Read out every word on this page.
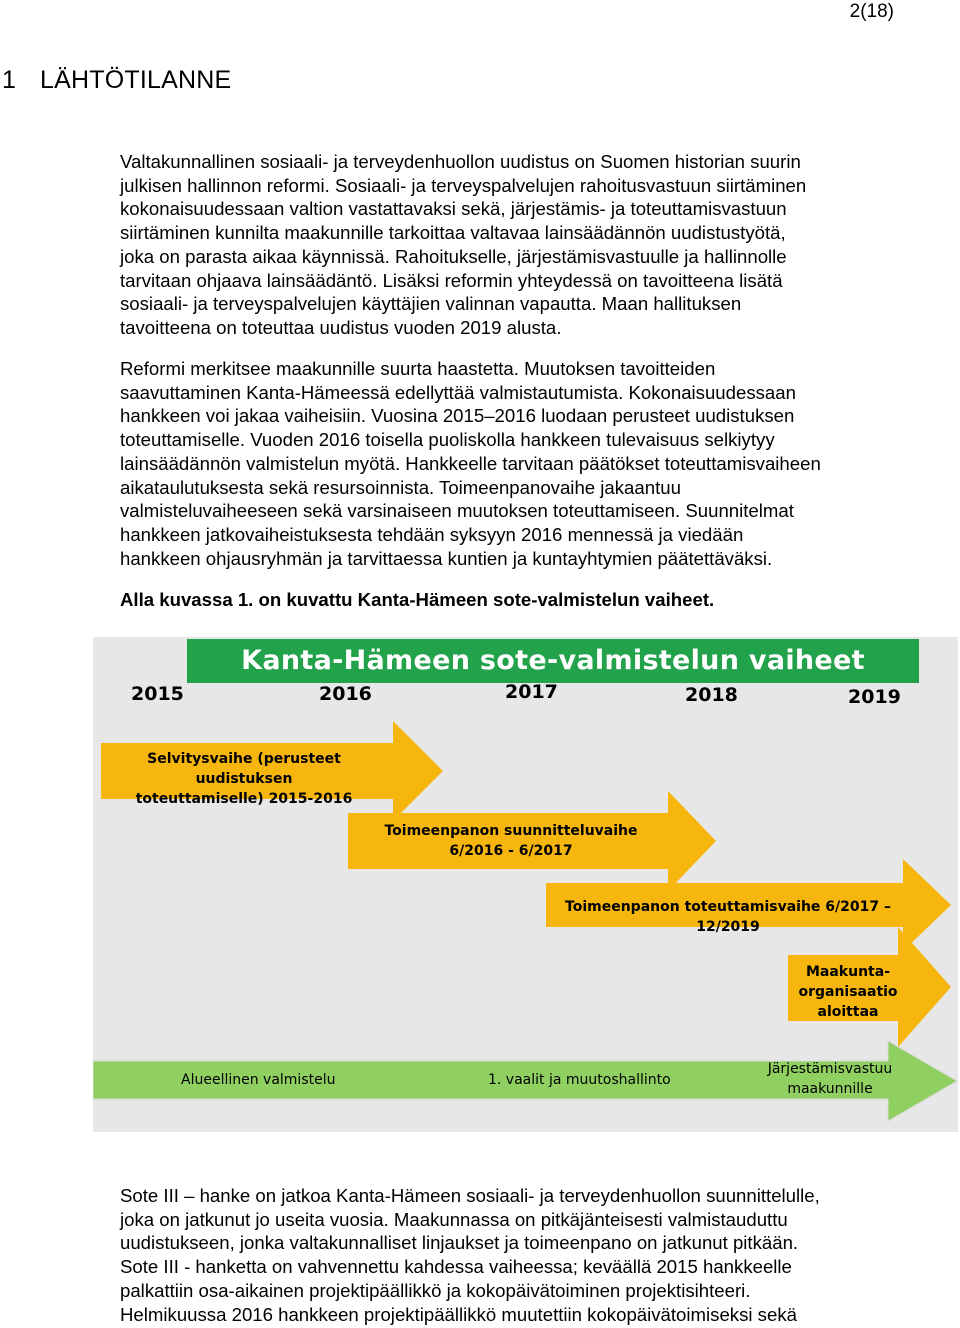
2(18)
1 LÄHTÖTILANNE
Valtakunnallinen sosiaali- ja terveydenhuollon uudistus on Suomen historian suurin
julkisen hallinnon reformi. Sosiaali- ja terveyspalvelujen rahoitusvastuun siirtäminen
kokonaisuudessaan valtion vastattavaksi sekä, järjestämis- ja toteuttamisvastuun
siirtäminen kunnilta maakunnille tarkoittaa valtavaa lainsäädännön uudistustyötä,
joka on parasta aikaa käynnissä. Rahoitukselle, järjestämisvastuulle ja hallinnolle
tarvitaan ohjaava lainsäädäntö. Lisäksi reformin yhteydessä on tavoitteena lisätä
sosiaali- ja terveyspalvelujen käyttäjien valinnan vapautta. Maan hallituksen
tavoitteena on toteuttaa uudistus vuoden 2019 alusta.
Reformi merkitsee maakunnille suurta haastetta. Muutoksen tavoitteiden
saavuttaminen Kanta-Hämeessä edellyttää valmistautumista. Kokonaisuudessaan
hankkeen voi jakaa vaiheisiin. Vuosina 2015–2016 luodaan perusteet uudistuksen
toteuttamiselle. Vuoden 2016 toisella puoliskolla hankkeen tulevaisuus selkiytyy
lainsäädännön valmistelun myötä. Hankkeelle tarvitaan päätökset toteuttamisvaiheen
aikataulutuksesta sekä resursoinnista. Toimeenpanovaihe jakaantuu
valmisteluvaiheeseen sekä varsinaiseen muutoksen toteuttamiseen. Suunnitelmat
hankkeen jatkovaiheistuksesta tehdään syksyyn 2016 mennessä ja viedään
hankkeen ohjausryhmän ja tarvittaessa kuntien ja kuntayhtymien päätettäväksi.
Alla kuvassa 1. on kuvattu Kanta-Hämeen sote-valmistelun vaiheet.
Kanta-Hämeen sote-valmistelun vaiheet
2015	2016	2017	2018	2019
Selvitysvaihe (perusteet uudistuksen
toteuttamiselle) 2015-2016
Toimeenpanon suunnitteluvaihe
6/2016 - 6/2017
Toimeenpanon toteuttamisvaihe 6/2017 – 12/2019
Maakunta-
organisaatio
aloittaa
Alueellinen valmistelu	1. vaalit ja muutoshallinto
Järjestämisvastuu
maakunnille
Sote III – hanke on jatkoa Kanta-Hämeen sosiaali- ja terveydenhuollon suunnittelulle,
joka on jatkunut jo useita vuosia. Maakunnassa on pitkäjänteisesti valmistauduttu
uudistukseen, jonka valtakunnalliset linjaukset ja toimeenpano on jatkunut pitkään.
Sote III - hanketta on vahvennettu kahdessa vaiheessa; keväällä 2015 hankkeelle
palkattiin osa-aikainen projektipäällikkö ja kokopäivätoiminen projektisihteeri.
Helmikuussa 2016 hankkeen projektipäällikkö muutettiin kokopäivätoimiseksi sekä
